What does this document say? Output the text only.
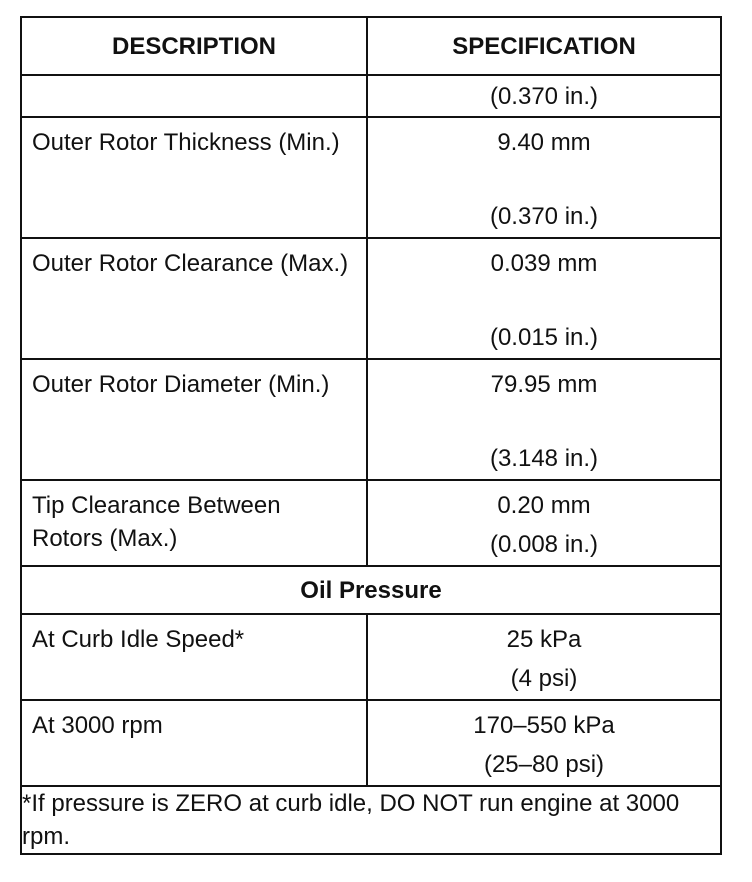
DESCRIPTION	SPECIFICATION
	(0.370 in.)
Outer Rotor Thickness (Min.)	9.40 mm
(0.370 in.)

Outer Rotor Clearance (Max.)	0.039 mm
(0.015 in.)

Outer Rotor Diameter (Min.)	79.95 mm
(3.148 in.)

Tip Clearance Between Rotors (Max.)	0.20 mm
(0.008 in.)

Oil Pressure	
At Curb Idle Speed*	25 kPa
(4 psi)

At 3000 rpm	170–550 kPa
(25–80 psi)

*If pressure is ZERO at curb idle, DO NOT run engine at 3000 rpm.	
